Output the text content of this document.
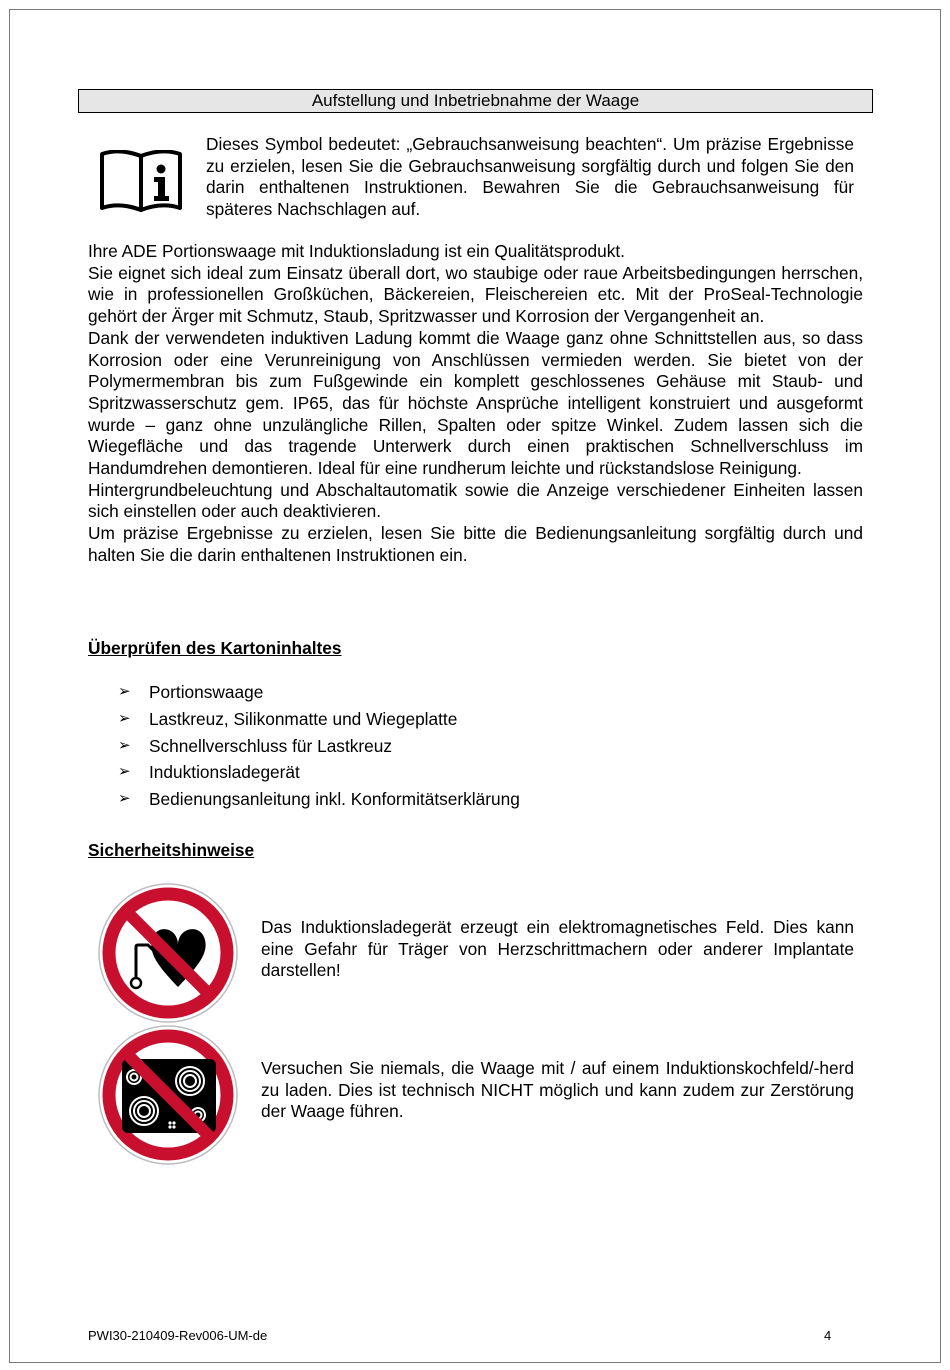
Aufstellung und Inbetriebnahme der Waage

Dieses Symbol bedeutet: „Gebrauchsanweisung beachten“. Um präzise Ergebnisse zu erzielen, lesen Sie die Gebrauchsanweisung sorgfältig durch und folgen Sie den darin enthaltenen Instruktionen. Bewahren Sie die Gebrauchsanweisung für späteres Nachschlagen auf.

Ihre ADE Portionswaage mit Induktionsladung ist ein Qualitätsprodukt.

Sie eignet sich ideal zum Einsatz überall dort, wo staubige oder raue Arbeitsbedingungen herrschen, wie in professionellen Großküchen, Bäckereien, Fleischereien etc. Mit der ProSeal-Technologie gehört der Ärger mit Schmutz, Staub, Spritzwasser und Korrosion der Vergangenheit an.

Dank der verwendeten induktiven Ladung kommt die Waage ganz ohne Schnittstellen aus, so dass Korrosion oder eine Verunreinigung von Anschlüssen vermieden werden. Sie bietet von der Polymermembran bis zum Fußgewinde ein komplett geschlossenes Gehäuse mit Staub- und Spritzwasserschutz gem. IP65, das für höchste Ansprüche intelligent konstruiert und ausgeformt wurde – ganz ohne unzulängliche Rillen, Spalten oder spitze Winkel. Zudem lassen sich die Wiegefläche und das tragende Unterwerk durch einen praktischen Schnellverschluss im Handumdrehen demontieren. Ideal für eine rundherum leichte und rückstandslose Reinigung.

Hintergrundbeleuchtung und Abschaltautomatik sowie die Anzeige verschiedener Einheiten lassen sich einstellen oder auch deaktivieren.

Um präzise Ergebnisse zu erzielen, lesen Sie bitte die Bedienungsanleitung sorgfältig durch und halten Sie die darin enthaltenen Instruktionen ein.

Überprüfen des Kartoninhaltes
➢	Portionswaage
➢	Lastkreuz, Silikonmatte und Wiegeplatte
➢	Schnellverschluss für Lastkreuz
➢	Induktionsladegerät
➢	Bedienungsanleitung inkl. Konformitätserklärung
Sicherheitshinweise

Das Induktionsladegerät erzeugt ein elektromagnetisches Feld. Dies kann eine Gefahr für Träger von Herzschrittmachern oder anderer Implantate darstellen!

Versuchen Sie niemals, die Waage mit / auf einem Induktionskochfeld/-herd zu laden. Dies ist technisch NICHT möglich und kann zudem zur Zerstörung der Waage führen.

PWI30-210409-Rev006-UM-de	4
